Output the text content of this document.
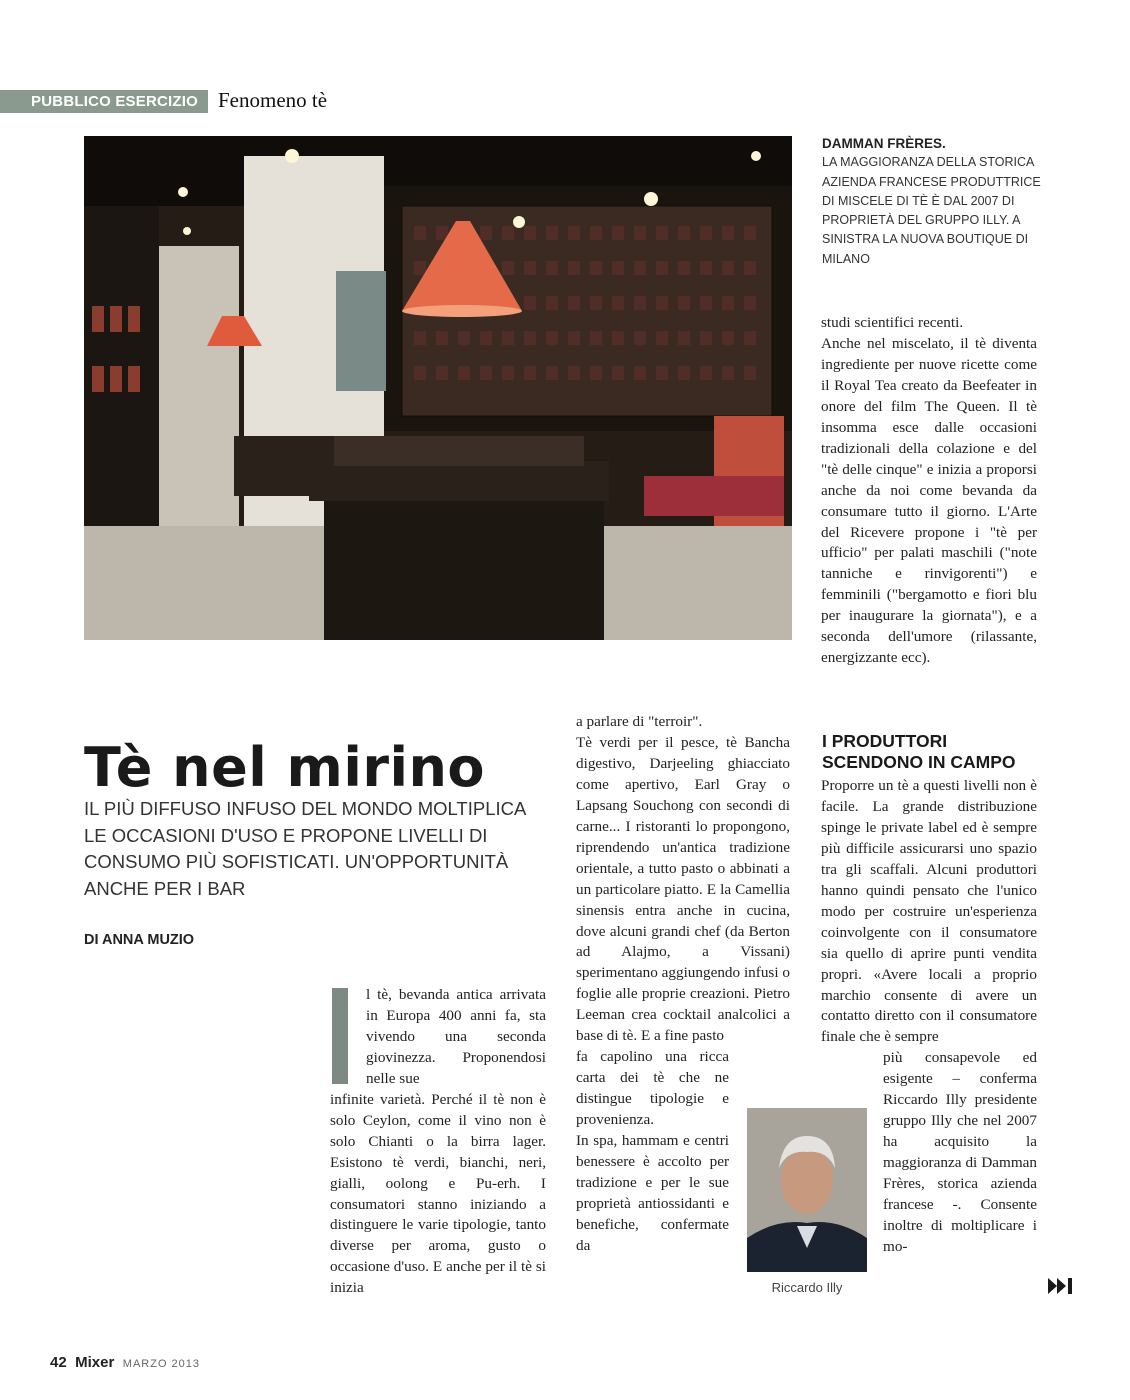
PUBBLICO ESERCIZIO Fenomeno tè
DAMMAN FRÈRES.
LA MAGGIORANZA DELLA STORICA AZIENDA FRANCESE PRODUTTRICE DI MISCELE DI TÈ È DAL 2007 DI PROPRIETÀ DEL GRUPPO ILLY. A SINISTRA LA NUOVA BOUTIQUE DI MILANO
Tè nel mirino
IL PIÙ DIFFUSO INFUSO DEL MONDO MOLTIPLICA LE OCCASIONI D'USO E PROPONE LIVELLI DI CONSUMO PIÙ SOFISTICATI. UN'OPPORTUNITÀ ANCHE PER I BAR
DI ANNA MUZIO

l tè, bevanda antica arrivata in Europa 400 anni fa, sta vivendo una seconda giovinezza. Proponendosi nelle sue

infinite varietà. Perché il tè non è solo Ceylon, come il vino non è solo Chianti o la birra lager. Esistono tè verdi, bianchi, neri, gialli, oolong e Pu-erh. I consumatori stanno iniziando a distinguere le varie tipologie, tanto diverse per aroma, gusto o occasione d'uso. E anche per il tè si inizia

a parlare di "terroir".

Tè verdi per il pesce, tè Bancha digestivo, Darjeeling ghiacciato come apertivo, Earl Gray o Lapsang Souchong con secondi di carne... I ristoranti lo propongono, riprendendo un'antica tradizione orientale, a tutto pasto o abbinati a un particolare piatto. E la Camellia sinensis entra anche in cucina, dove alcuni grandi chef (da Berton ad Alajmo, a Vissani) sperimentano aggiungendo infusi o foglie alle proprie creazioni. Pietro Leeman crea cocktail analcolici a base di tè. E a fine pasto

fa capolino una ricca carta dei tè che ne distingue tipologie e provenienza.

In spa, hammam e centri benessere è accolto per tradizione e per le sue proprietà antiossidanti e benefiche, confermate da

studi scientifici recenti.

Anche nel miscelato, il tè diventa ingrediente per nuove ricette come il Royal Tea creato da Beefeater in onore del film The Queen. Il tè insomma esce dalle occasioni tradizionali della colazione e del "tè delle cinque" e inizia a proporsi anche da noi come bevanda da consumare tutto il giorno. L'Arte del Ricevere propone i "tè per ufficio" per palati maschili ("note tanniche e rinvigorenti") e femminili ("bergamotto e fiori blu per inaugurare la giornata"), e a seconda dell'umore (rilassante, energizzante ecc).

I PRODUTTORI SCENDONO IN CAMPO

Proporre un tè a questi livelli non è facile. La grande distribuzione spinge le private label ed è sempre più difficile assicurarsi uno spazio tra gli scaffali. Alcuni produttori hanno quindi pensato che l'unico modo per costruire un'esperienza coinvolgente con il consumatore sia quello di aprire punti vendita propri. «Avere locali a proprio marchio consente di avere un contatto diretto con il consumatore finale che è sempre

più consapevole ed esigente – conferma Riccardo Illy presidente gruppo Illy che nel 2007 ha acquisito la maggioranza di Damman Frères, storica azienda francese -. Consente inoltre di moltiplicare i mo-

Riccardo Illy
42 Mixer MARZO 2013
